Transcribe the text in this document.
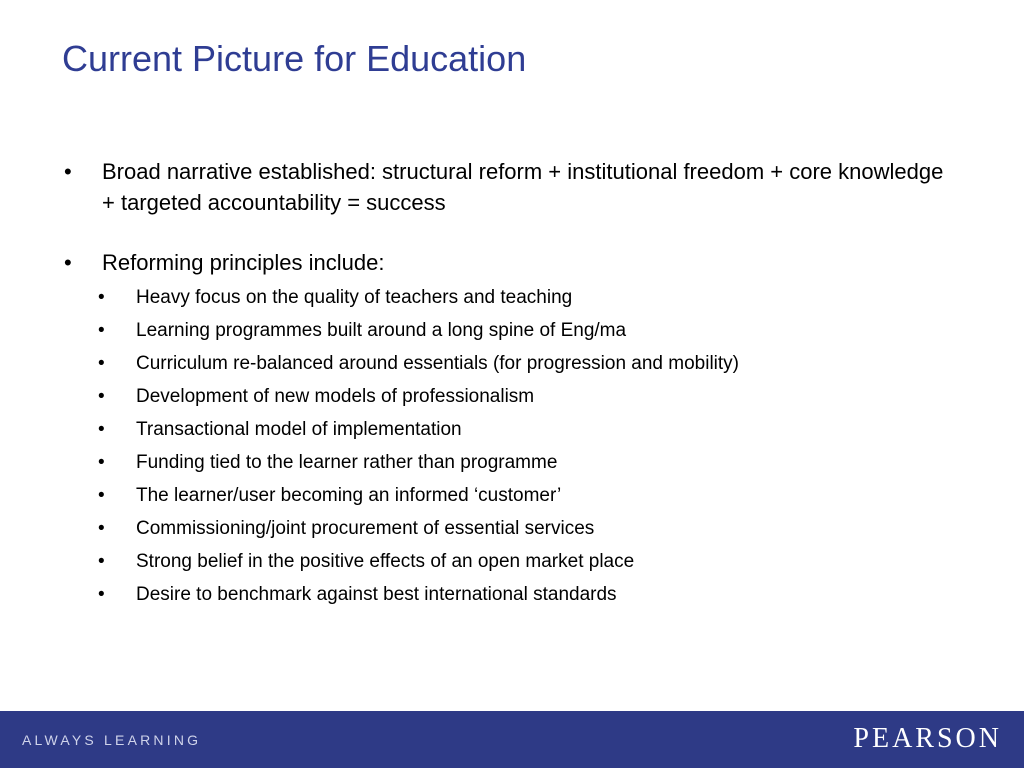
Current Picture for Education
• Broad narrative established: structural reform + institutional freedom + core knowledge + targeted accountability = success
• Reforming principles include:
• Heavy focus on the quality of teachers and teaching
• Learning programmes built around a long spine of Eng/ma
• Curriculum re-balanced around essentials (for progression and mobility)
• Development of new models of professionalism
• Transactional model of implementation
• Funding tied to the learner rather than programme
• The learner/user becoming an informed ‘customer’
• Commissioning/joint procurement of essential services
• Strong belief in the positive effects of an open market place
• Desire to benchmark against best international standards
ALWAYS LEARNING	PEARSON
